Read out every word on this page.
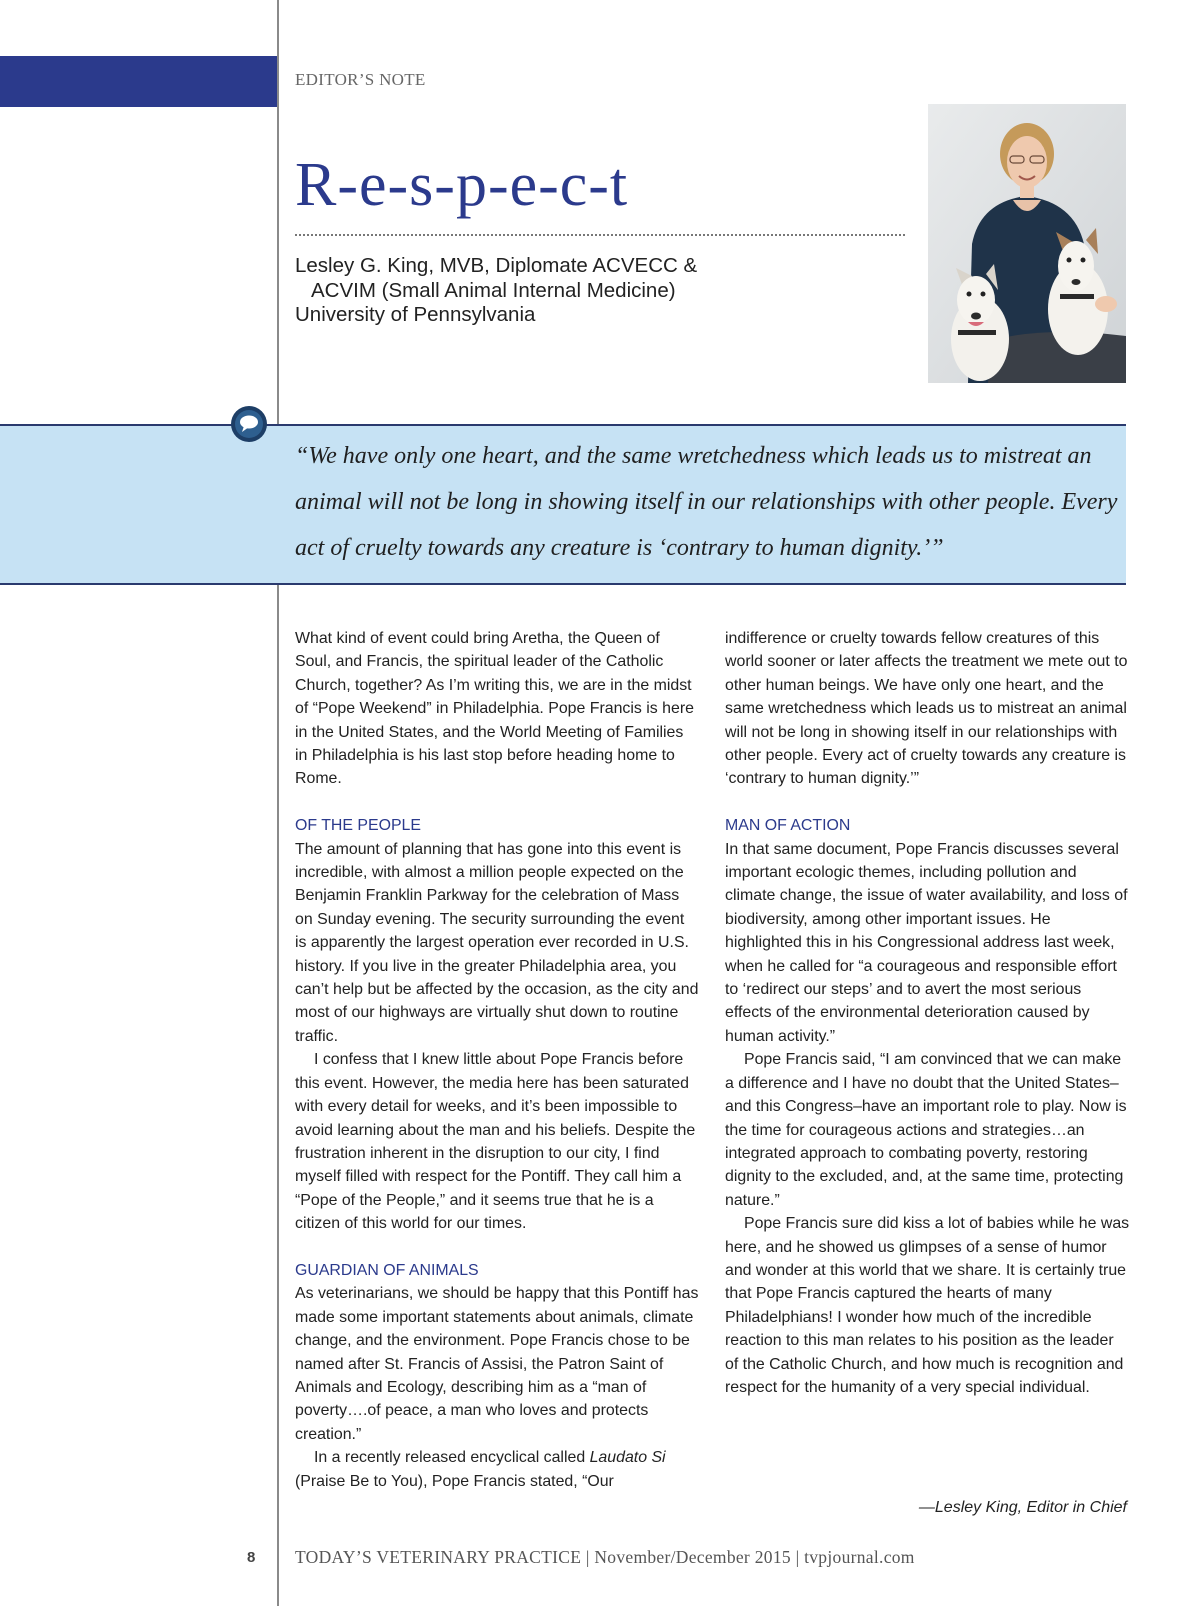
EDITOR’S NOTE
R-e-s-p-e-c-t
Lesley G. King, MVB, Diplomate ACVECC &
ACVIM (Small Animal Internal Medicine)
University of Pennsylvania
“We have only one heart, and the same wretchedness which leads us to mistreat an animal will not be long in showing itself in our relationships with other people. Every act of cruelty towards any creature is ‘contrary to human dignity.’”

What kind of event could bring Aretha, the Queen of Soul, and Francis, the spiritual leader of the Catholic Church, together? As I’m writing this, we are in the midst of “Pope Weekend” in Philadelphia. Pope Francis is here in the United States, and the World Meeting of Families in Philadelphia is his last stop before heading home to Rome.

OF THE PEOPLE

The amount of planning that has gone into this event is incredible, with almost a million people expected on the Benjamin Franklin Parkway for the celebration of Mass on Sunday evening. The security surrounding the event is apparently the largest operation ever recorded in U.S. history. If you live in the greater Philadelphia area, you can’t help but be affected by the occasion, as the city and most of our highways are virtually shut down to routine traffic.

I confess that I knew little about Pope Francis before this event. However, the media here has been saturated with every detail for weeks, and it’s been impossible to avoid learning about the man and his beliefs. Despite the frustration inherent in the disruption to our city, I find myself filled with respect for the Pontiff. They call him a “Pope of the People,” and it seems true that he is a citizen of this world for our times.

GUARDIAN OF ANIMALS

As veterinarians, we should be happy that this Pontiff has made some important statements about animals, climate change, and the environment. Pope Francis chose to be named after St. Francis of Assisi, the Patron Saint of Animals and Ecology, describing him as a “man of poverty….of peace, a man who loves and protects creation.”

In a recently released encyclical called Laudato Si (Praise Be to You), Pope Francis stated, “Our

indifference or cruelty towards fellow creatures of this world sooner or later affects the treatment we mete out to other human beings. We have only one heart, and the same wretchedness which leads us to mistreat an animal will not be long in showing itself in our relationships with other people. Every act of cruelty towards any creature is ‘contrary to human dignity.’”

MAN OF ACTION

In that same document, Pope Francis discusses several important ecologic themes, including pollution and climate change, the issue of water availability, and loss of biodiversity, among other important issues. He highlighted this in his Congressional address last week, when he called for “a courageous and responsible effort to ‘redirect our steps’ and to avert the most serious effects of the environmental deterioration caused by human activity.”

Pope Francis said, “I am convinced that we can make a difference and I have no doubt that the United States–and this Congress–have an important role to play. Now is the time for courageous actions and strategies…an integrated approach to combating poverty, restoring dignity to the excluded, and, at the same time, protecting nature.”

Pope Francis sure did kiss a lot of babies while he was here, and he showed us glimpses of a sense of humor and wonder at this world that we share. It is certainly true that Pope Francis captured the hearts of many Philadelphians! I wonder how much of the incredible reaction to this man relates to his position as the leader of the Catholic Church, and how much is recognition and respect for the humanity of a very special individual.

—Lesley King, Editor in Chief
8 TODAY’S VETERINARY PRACTICE | November/December 2015 | tvpjournal.com
